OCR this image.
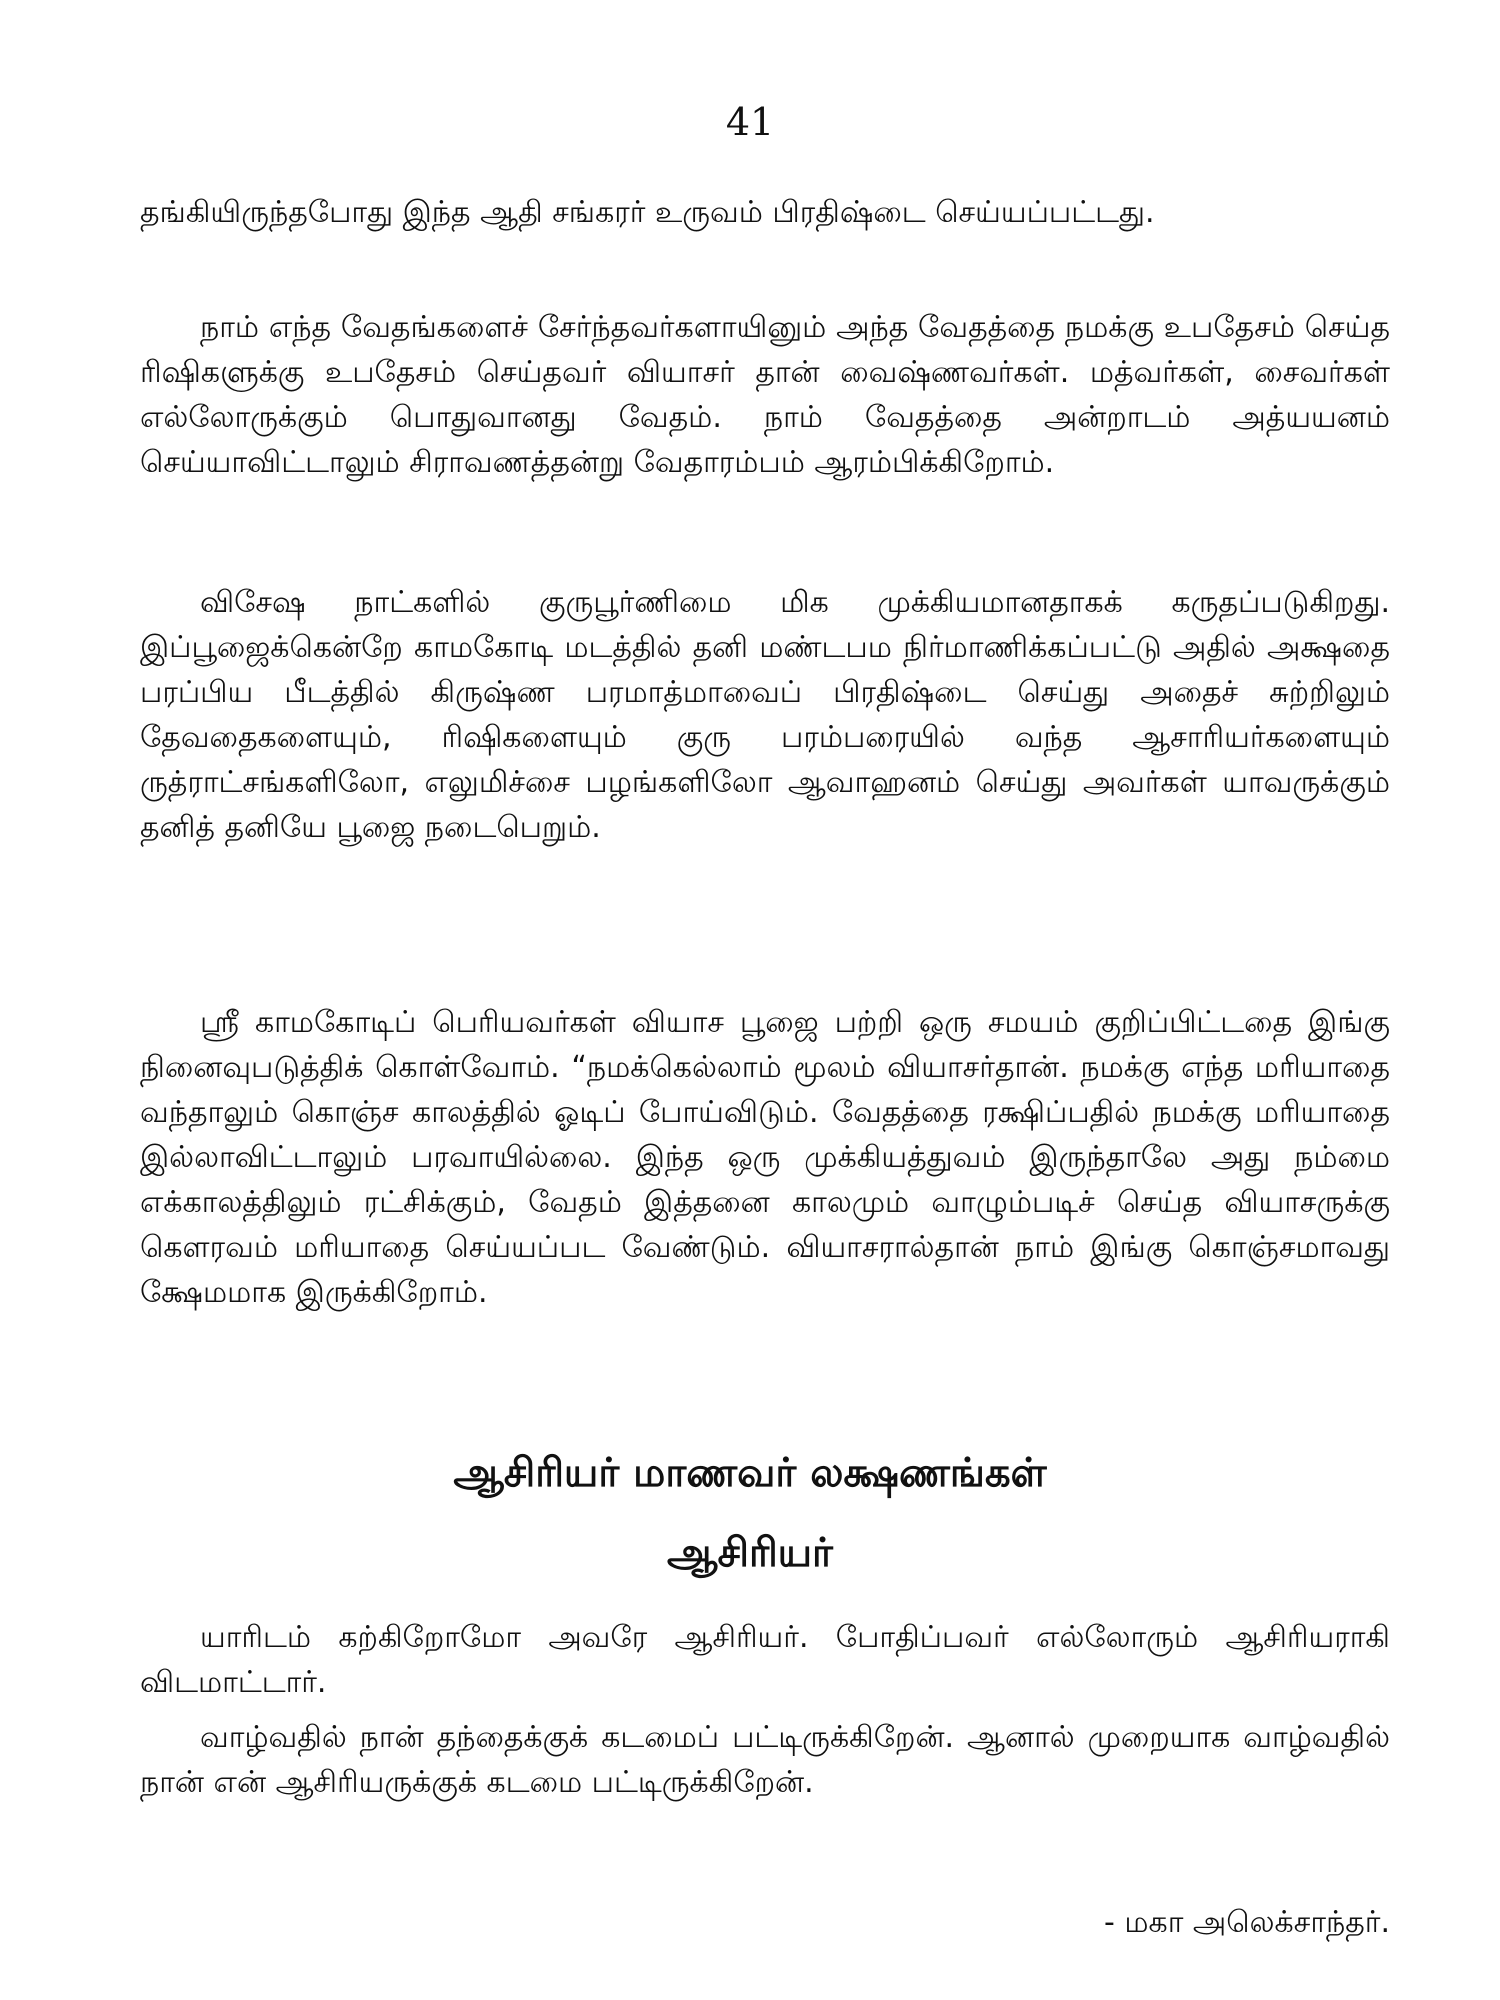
41

தங்கியிருந்தபோது இந்த ஆதி சங்கரர் உருவம் பிரதிஷ்டை செய்யப்பட்டது.

நாம் எந்த வேதங்களைச் சேர்ந்தவர்களாயினும் அந்த வேதத்தை நமக்கு உபதேசம் செய்த ரிஷிகளுக்கு உபதேசம் செய்தவர் வியாசர் தான் வைஷ்ணவர்கள். மத்வர்கள், சைவர்கள் எல்லோருக்கும் பொதுவானது வேதம். நாம் வேதத்தை அன்றாடம் அத்யயனம் செய்யாவிட்டாலும் சிராவணத்தன்று வேதாரம்பம் ஆரம்பிக்கிறோம்.

விசேஷ நாட்களில் குருபூர்ணிமை மிக முக்கியமானதாகக் கருதப்படுகிறது. இப்பூஜைக்கென்றே காமகோடி மடத்தில் தனி மண்டபம நிர்மாணிக்கப்பட்டு அதில் அக்ஷதை பரப்பிய பீடத்தில் கிருஷ்ண பரமாத்மாவைப் பிரதிஷ்டை செய்து அதைச் சுற்றிலும் தேவதைகளையும், ரிஷிகளையும் குரு பரம்பரையில் வந்த ஆசாரியர்களையும் ருத்ராட்சங்களிலோ, எலுமிச்சை பழங்களிலோ ஆவாஹனம் செய்து அவர்கள் யாவருக்கும் தனித் தனியே பூஜை நடைபெறும்.

ஸ்ரீ காமகோடிப் பெரியவர்கள் வியாச பூஜை பற்றி ஒரு சமயம் குறிப்பிட்டதை இங்கு நினைவுபடுத்திக் கொள்வோம். “நமக்கெல்லாம் மூலம் வியாசர்தான். நமக்கு எந்த மரியாதை வந்தாலும் கொஞ்ச காலத்தில் ஓடிப் போய்விடும். வேதத்தை ரக்ஷிப்பதில் நமக்கு மரியாதை இல்லாவிட்டாலும் பரவாயில்லை. இந்த ஒரு முக்கியத்துவம் இருந்தாலே அது நம்மை எக்காலத்திலும் ரட்சிக்கும், வேதம் இத்தனை காலமும் வாழும்படிச் செய்த வியாசருக்கு கௌரவம் மரியாதை செய்யப்பட வேண்டும். வியாசரால்தான் நாம் இங்கு கொஞ்சமாவது க்ஷேமமாக இருக்கிறோம்.

ஆசிரியர் மாணவர் லக்ஷணங்கள்
ஆசிரியர்

யாரிடம் கற்கிறோமோ அவரே ஆசிரியர். போதிப்பவர் எல்லோரும் ஆசிரியராகி விடமாட்டார்.

வாழ்வதில் நான் தந்தைக்குக் கடமைப் பட்டிருக்கிறேன். ஆனால் முறையாக வாழ்வதில் நான் என் ஆசிரியருக்குக் கடமை பட்டிருக்கிறேன்.

- மகா அலெக்சாந்தர்.
